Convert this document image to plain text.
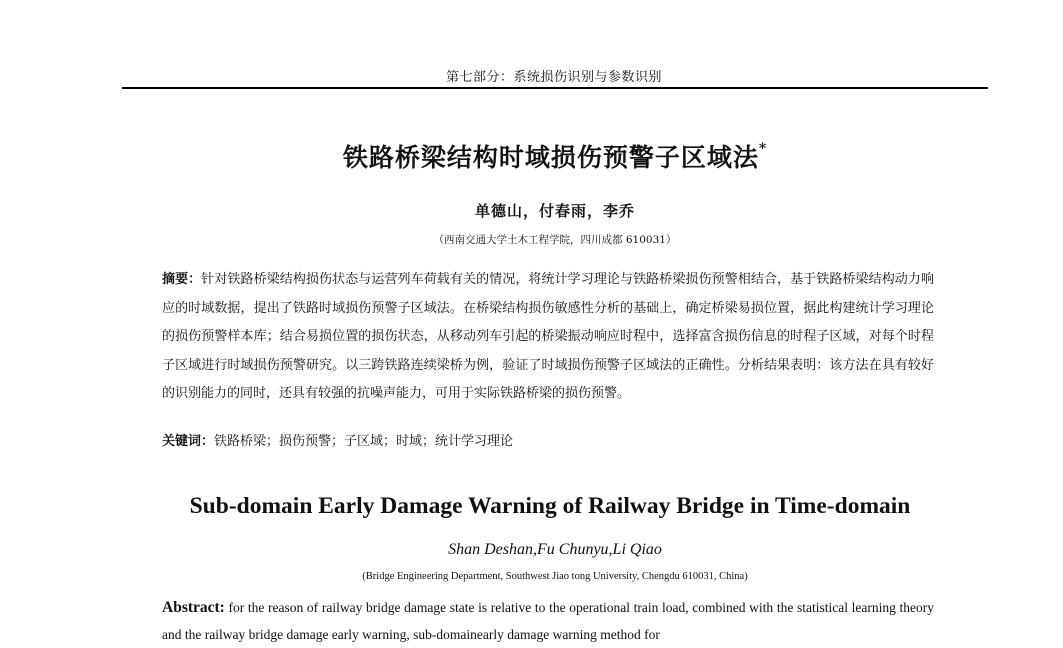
第七部分：系统损伤识别与参数识别
铁路桥梁结构时域损伤预警子区域法*
单德山，付春雨，李乔
（西南交通大学土木工程学院，四川成都 610031）
摘要：针对铁路桥梁结构损伤状态与运营列车荷载有关的情况，将统计学习理论与铁路桥梁损伤预警相结合，基于铁路桥梁结构动力响应的时域数据，提出了铁路时域损伤预警子区域法。在桥梁结构损伤敏感性分析的基础上，确定桥梁易损位置，据此构建统计学习理论的损伤预警样本库；结合易损位置的损伤状态，从移动列车引起的桥梁振动响应时程中，选择富含损伤信息的时程子区域，对每个时程子区域进行时域损伤预警研究。以三跨铁路连续梁桥为例，验证了时域损伤预警子区域法的正确性。分析结果表明：该方法在具有较好的识别能力的同时，还具有较强的抗噪声能力，可用于实际铁路桥梁的损伤预警。
关键词：铁路桥梁；损伤预警；子区域；时域；统计学习理论
Sub-domain Early Damage Warning of Railway Bridge in Time-domain
Shan Deshan,Fu Chunyu,Li Qiao
(Bridge Engineering Department, Southwest Jiao tong University, Chengdu 610031, China)
Abstract: for the reason of railway bridge damage state is relative to the operational train load, combined with the statistical learning theory and the railway bridge damage early warning, sub-domainearly damage warning method for
